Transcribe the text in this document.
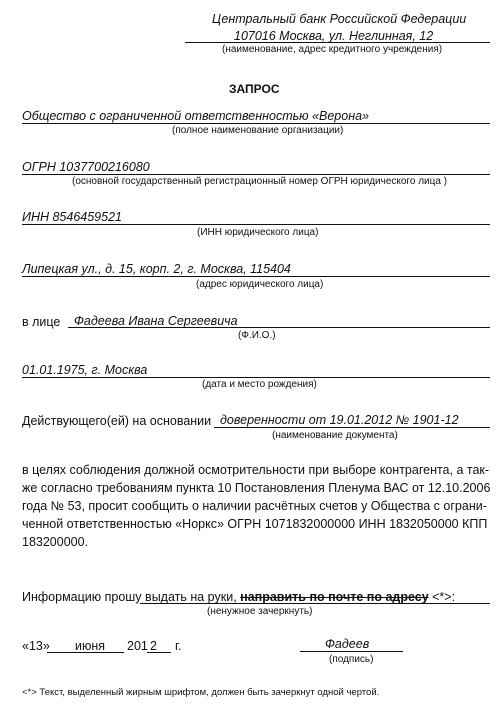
Центральный банк Российской Федерации
107016 Москва, ул. Неглинная, 12
(наименование, адрес кредитного учреждения)
ЗАПРОС
Общество с ограниченной ответственностью «Верона»
(полное наименование организации)
ОГРН 1037700216080
(основной государственный регистрационный номер ОГРН юридического лица )
ИНН 8546459521
(ИНН юридического лица)
Липецкая ул., д. 15, корп. 2, г. Москва, 115404
(адрес юридического лица)
в лице Фадеева Ивана Сергеевича
(Ф.И.О.)
01.01.1975, г. Москва
(дата и место рождения)
Действующего(ей) на основании доверенности от 19.01.2012 № 1901-12
(наименование документа)
в целях соблюдения должной осмотрительности при выборе контрагента, а так-
же согласно требованиям пункта 10 Постановления Пленума ВАС от 12.10.2006
года № 53, просит сообщить о наличии расчётных счетов у Общества с ограни-
ченной ответственностью «Норкс» ОГРН 1071832000000 ИНН 1832050000 КПП
183200000.
Информацию прошу выдать на руки, направить по почте по адресу <*>:
(ненужное зачеркнуть)
«13» июня 201 2 г.	Фадеев
(подпись)
<*> Текст, выделенный жирным шрифтом, должен быть зачеркнут одной чертой.
